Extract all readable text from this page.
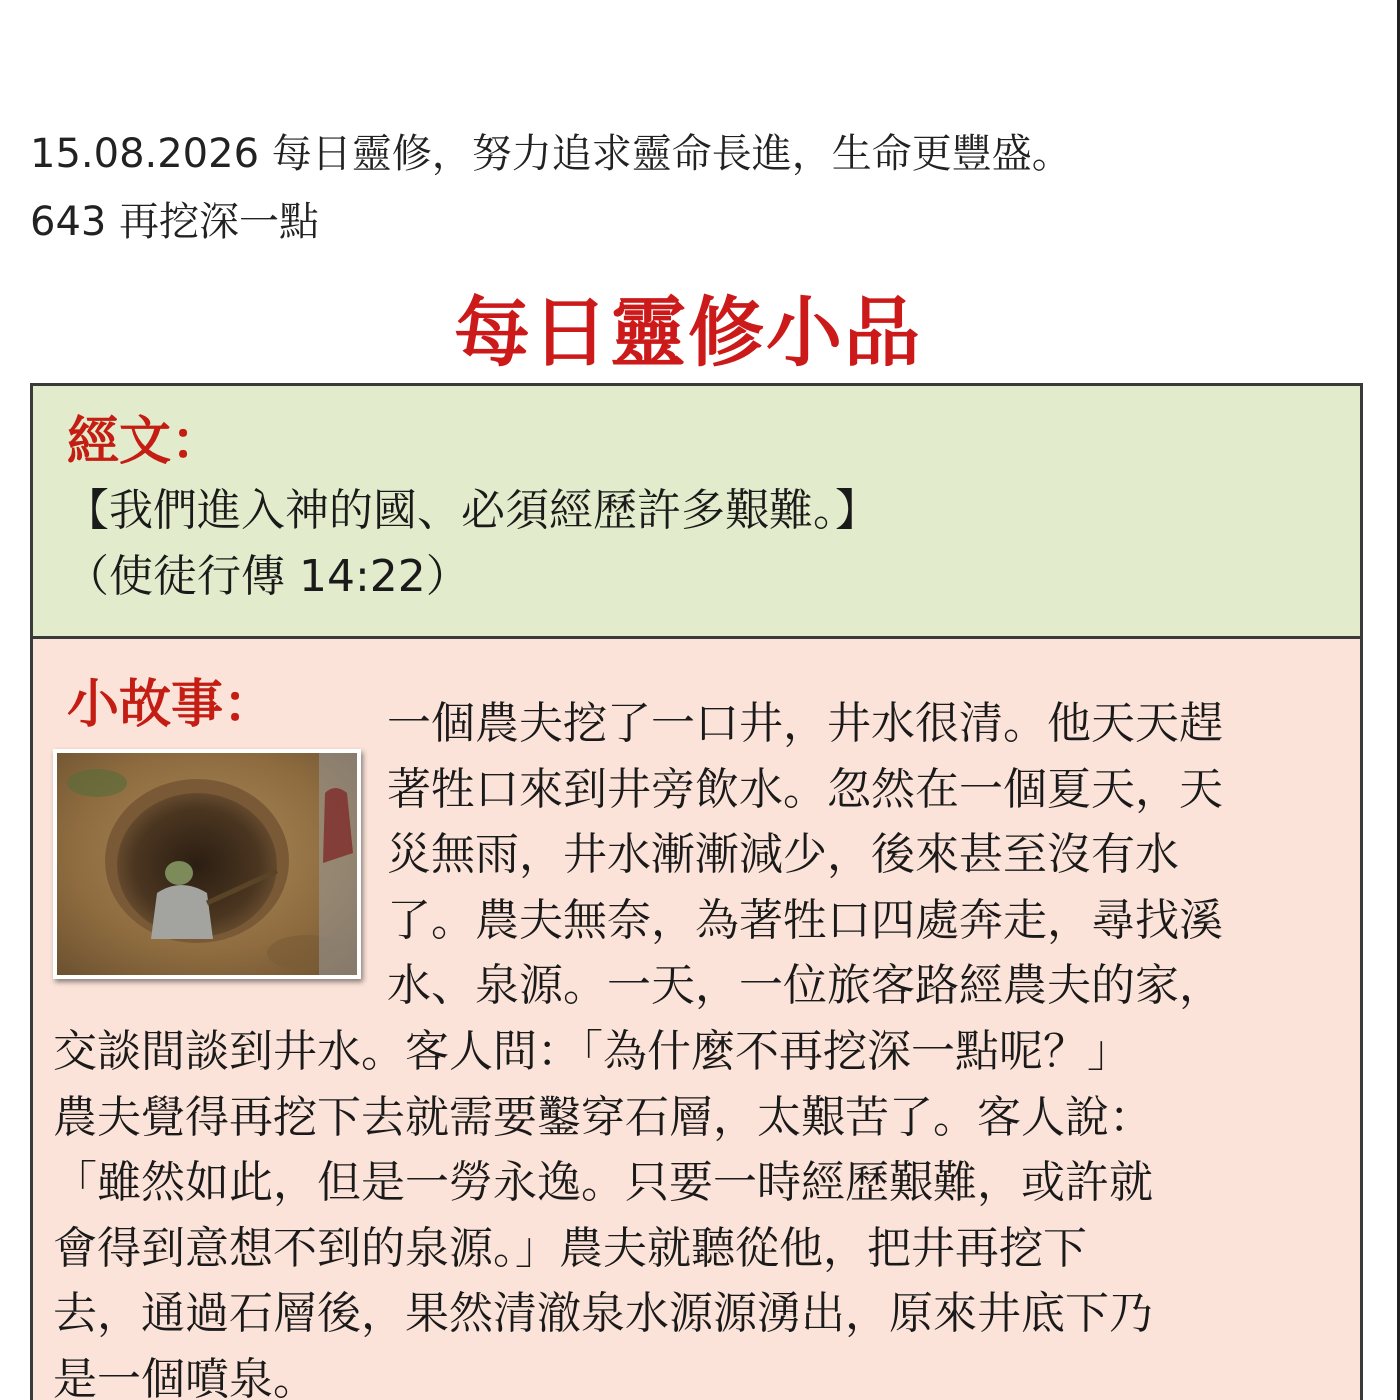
15.08.2026 每日靈修，努力追求靈命長進，生命更豐盛。
643 再挖深一點
每日靈修小品
經文：
【我們進入神的國、必須經歷許多艱難。】
（使徒行傳 14:22）
小故事：	一個農夫挖了一口井，井水很清。他天天趕
著牲口來到井旁飲水。忽然在一個夏天，天
災無雨，井水漸漸減少，後來甚至沒有水
了。農夫無奈，為著牲口四處奔走，尋找溪
水、泉源。一天，一位旅客路經農夫的家，
交談間談到井水。客人問：「為什麼不再挖深一點呢？」
農夫覺得再挖下去就需要鑿穿石層，太艱苦了。客人說：
「雖然如此，但是一勞永逸。只要一時經歷艱難，或許就
會得到意想不到的泉源。」農夫就聽從他，把井再挖下
去，通過石層後，果然清澈泉水源源湧出，原來井底下乃
是一個噴泉。
